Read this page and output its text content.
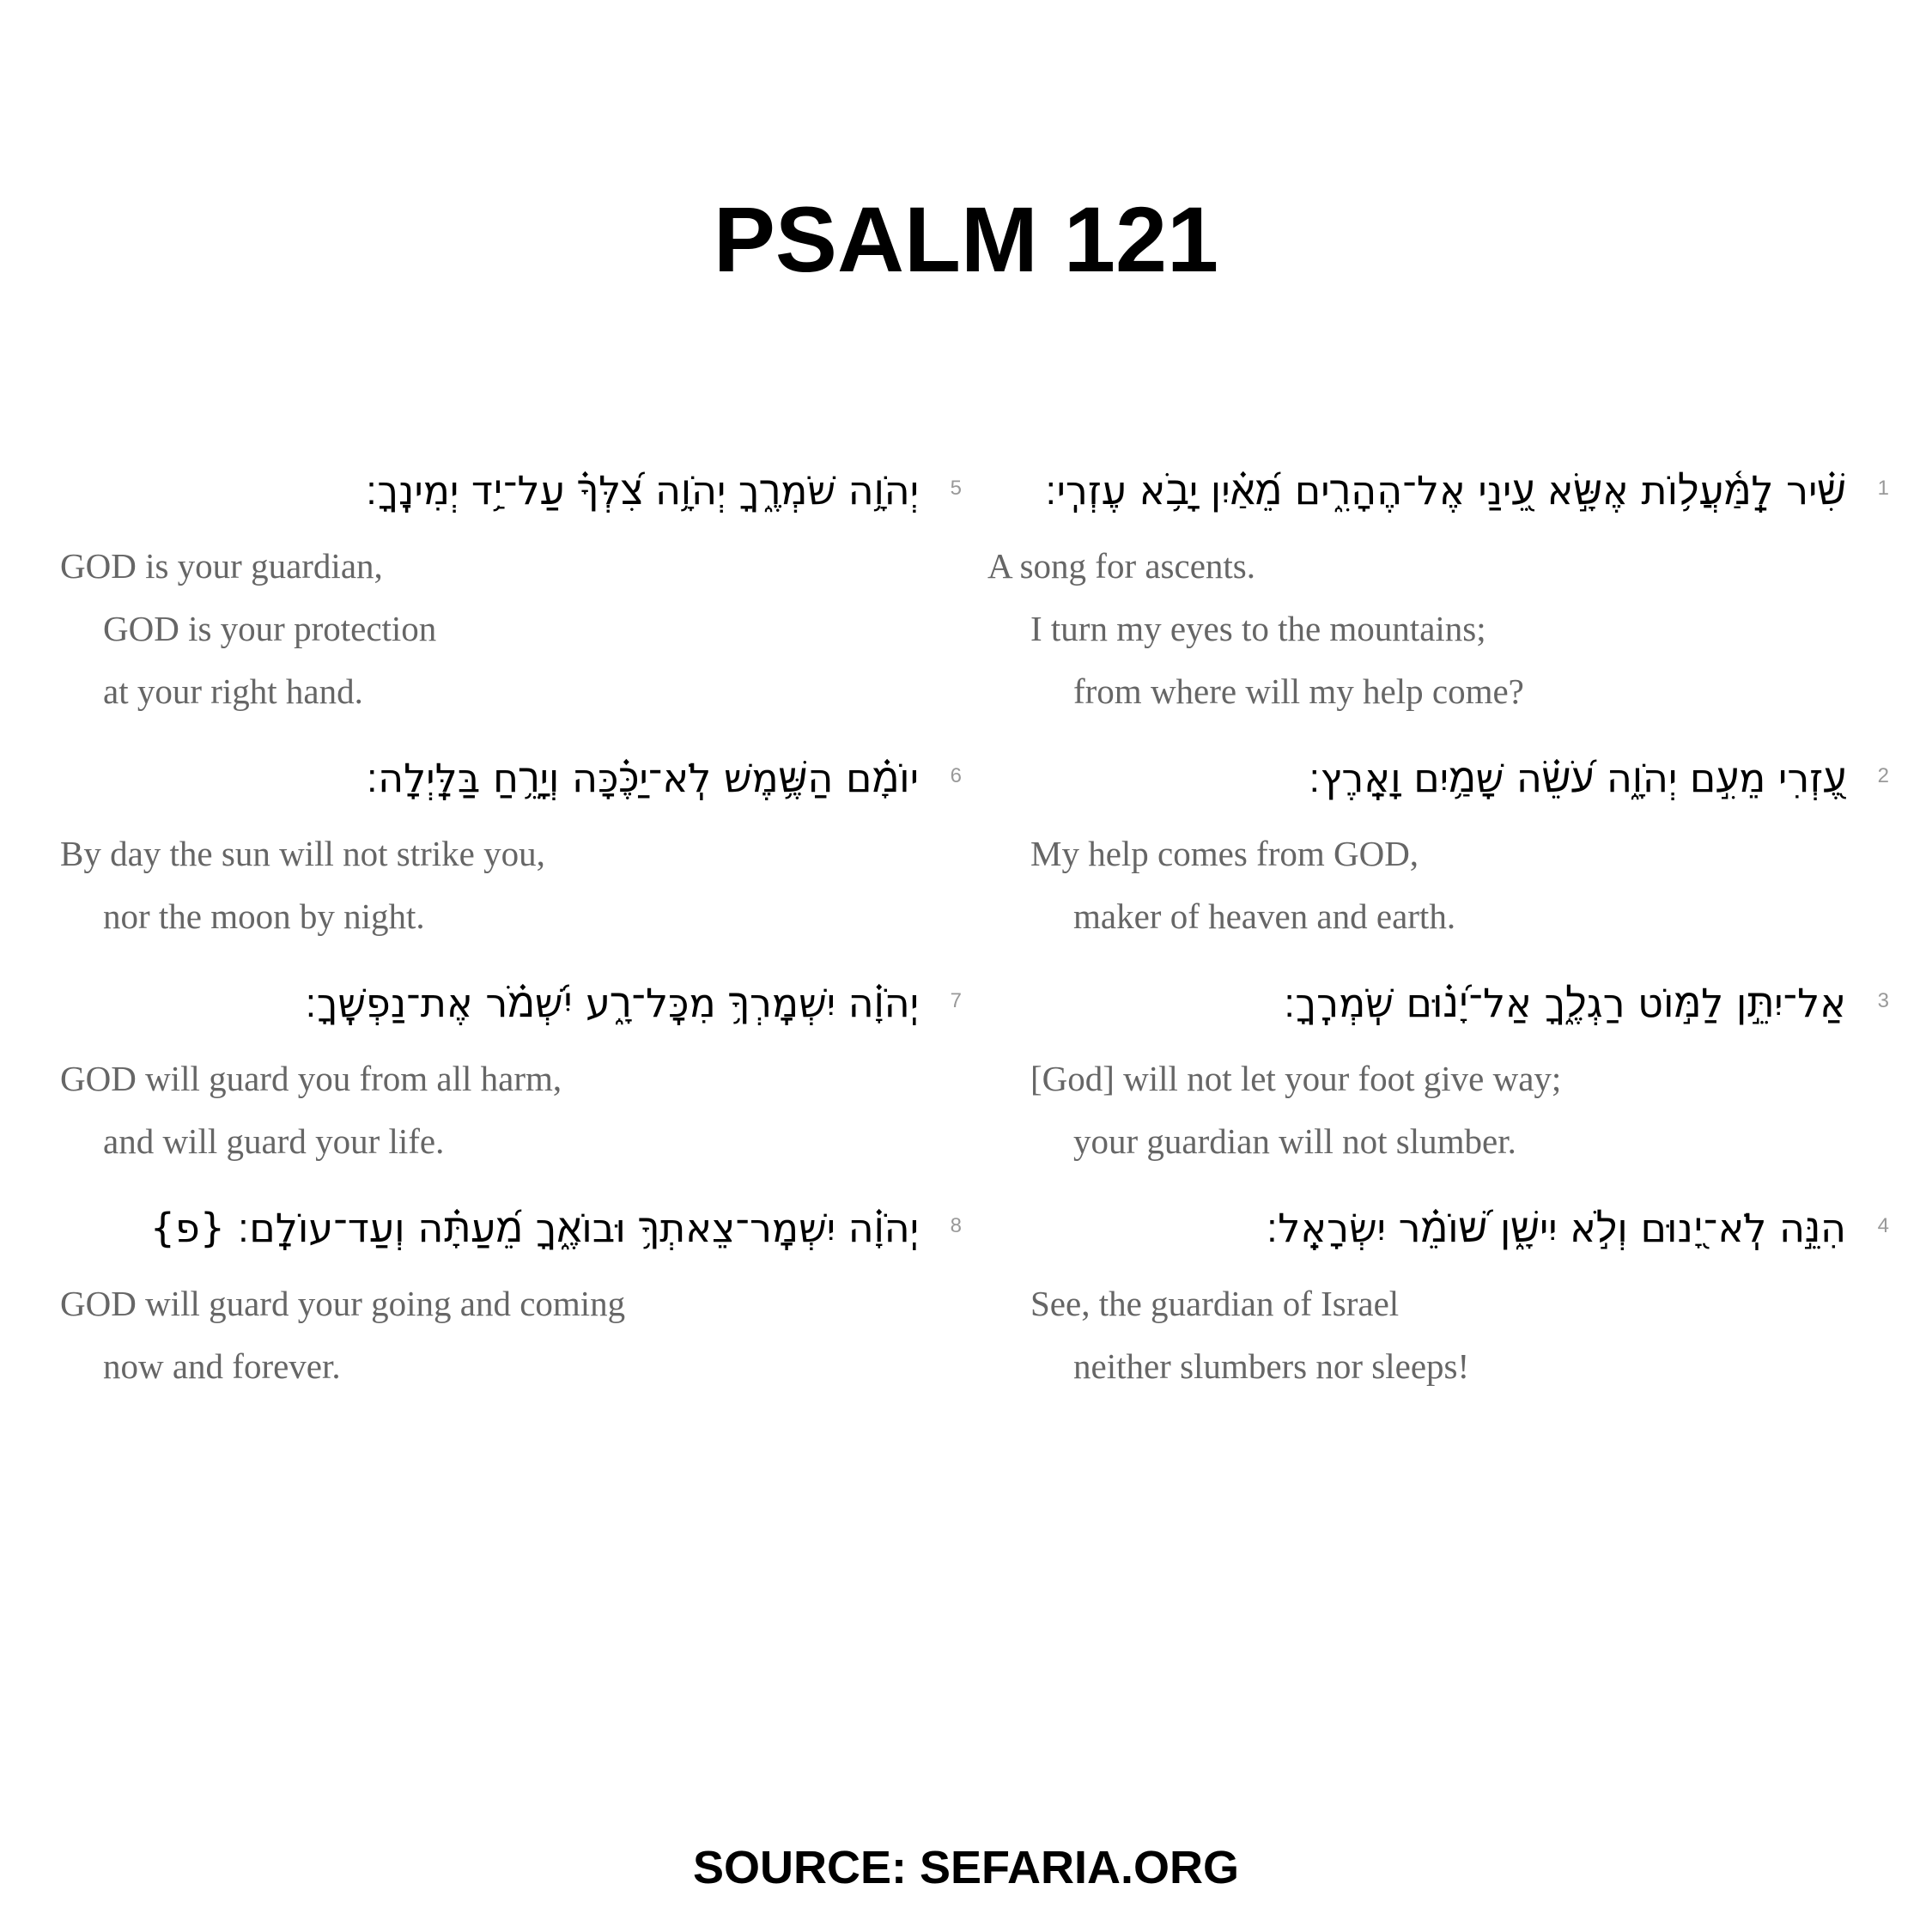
PSALM 121
שִׁ֗יר לַֽמַּ֫עֲל֥וֹת אֶשָּׂ֣א עֵ֭ינַי אֶל־הֶהָרִ֑ים מֵ֝אַ֗יִן יָבֹ֥א עֶזְרִֽי׃ 1
A song for ascents.
I turn my eyes to the mountains;
from where will my help come?
עֶ֭זְרִי מֵעִ֣ם יְהֹוָ֑ה עֹ֝שֵׂ֗ה שָׁמַ֥יִם וָאָֽרֶץ׃ 2
My help comes from GOD,
maker of heaven and earth.
אַל־יִתֵּ֣ן לַמּ֣וֹט רַגְלֶ֑ךָ אַל־יָ֝נ֗וּם שֹֽׁמְרֶֽךָ׃ 3
[God] will not let your foot give way;
your guardian will not slumber.
הִנֵּ֣ה לֹֽא־יָ֭נוּם וְלֹ֣א יִישָׁ֑ן שׁ֝וֹמֵ֗ר יִשְׂרָאֵֽל׃ 4
See, the guardian of Israel
neither slumbers nor sleeps!
יְהֹוָ֥ה שֹׁמְרֶ֑ךָ יְהֹוָ֥ה צִ֝לְּךָ֗ עַל־יַ֥ד יְמִינֶֽךָ׃ 5
GOD is your guardian,
GOD is your protection
at your right hand.
יוֹמָ֗ם הַשֶּׁ֥מֶשׁ לֹֽא־יַכֶּ֗כָּה וְיָרֵ֥חַ בַּלָּֽיְלָה׃ 6
By day the sun will not strike you,
nor the moon by night.
יְֽהֹוָ֗ה יִשְׁמׇרְךָ֥ מִכׇּל־רָ֑ע יִ֝שְׁמֹ֗ר אֶת־נַפְשֶֽׁךָ׃ 7
GOD will guard you from all harm,
and will guard your life.
יְֽהֹוָ֗ה יִשְׁמׇר־צֵאתְךָ֥ וּבוֹאֶ֑ךָ מֵ֝עַתָּ֗ה וְעַד־עוֹלָֽם׃ {פ} 8
GOD will guard your going and coming
now and forever.
SOURCE: SEFARIA.ORG
